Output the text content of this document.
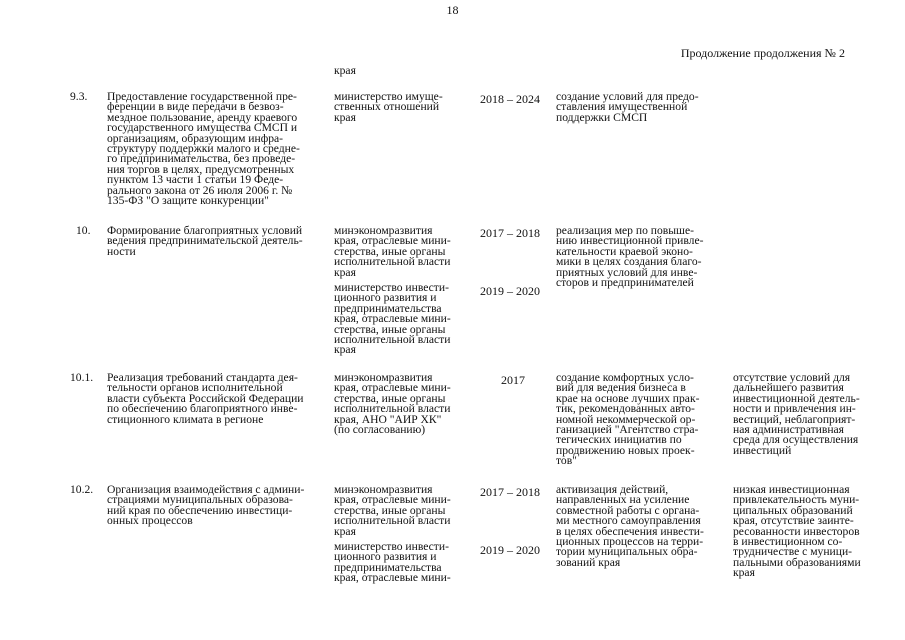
18
Продолжение продолжения № 2
края
9.3. Предоставление государственной пре-
ференции в виде передачи в безвоз-
мездное пользование, аренду краевого
государственного имущества СМСП и
организациям, образующим инфра-
структуру поддержки малого и средне-
го предпринимательства, без проведе-
ния торгов в целях, предусмотренных
пунктом 13 части 1 статьи 19 Феде-
рального закона от 26 июля 2006 г. №
135-ФЗ "О защите конкуренции"
министерство имуще-
ственных отношений
края
2018 – 2024 создание условий для предо-
ставления имущественной
поддержки СМСП
10. Формирование благоприятных условий
ведения предпринимательской деятель-
ности
минэкономразвития
края, отраслевые мини-
стерства, иные органы
исполнительной власти
края
министерство инвести-
ционного развития и
предпринимательства
края, отраслевые мини-
стерства, иные органы
исполнительной власти
края
2017 – 2018
2019 – 2020
реализация мер по повыше-
нию инвестиционной привле-
кательности краевой эконо-
мики в целях создания благо-
приятных условий для инве-
сторов и предпринимателей
10.1. Реализация требований стандарта дея-
тельности органов исполнительной
власти субъекта Российской Федерации
по обеспечению благоприятного инве-
стиционного климата в регионе
минэкономразвития
края, отраслевые мини-
стерства, иные органы
исполнительной власти
края, АНО "АИР ХК"
(по согласованию)
2017	создание комфортных усло-
вий для ведения бизнеса в
крае на основе лучших прак-
тик, рекомендованных авто-
номной некоммерческой ор-
ганизацией "Агентство стра-
тегических инициатив по
продвижению новых проек-
тов"
отсутствие условий для
дальнейшего развития
инвестиционной деятель-
ности и привлечения ин-
вестиций, неблагоприят-
ная административная
среда для осуществления
инвестиций
10.2. Организация взаимодействия с админи-
страциями муниципальных образова-
ний края по обеспечению инвестици-
онных процессов
минэкономразвития
края, отраслевые мини-
стерства, иные органы
исполнительной власти
края
министерство инвести-
ционного развития и
предпринимательства
края, отраслевые мини-
2017 – 2018
2019 – 2020
активизация действий,
направленных на усиление
совместной работы с органа-
ми местного самоуправления
в целях обеспечения инвести-
ционных процессов на терри-
тории муниципальных обра-
зований края
низкая инвестиционная
привлекательность муни-
ципальных образований
края, отсутствие заинте-
ресованности инвесторов
в инвестиционном со-
трудничестве с муници-
пальными образованиями
края
